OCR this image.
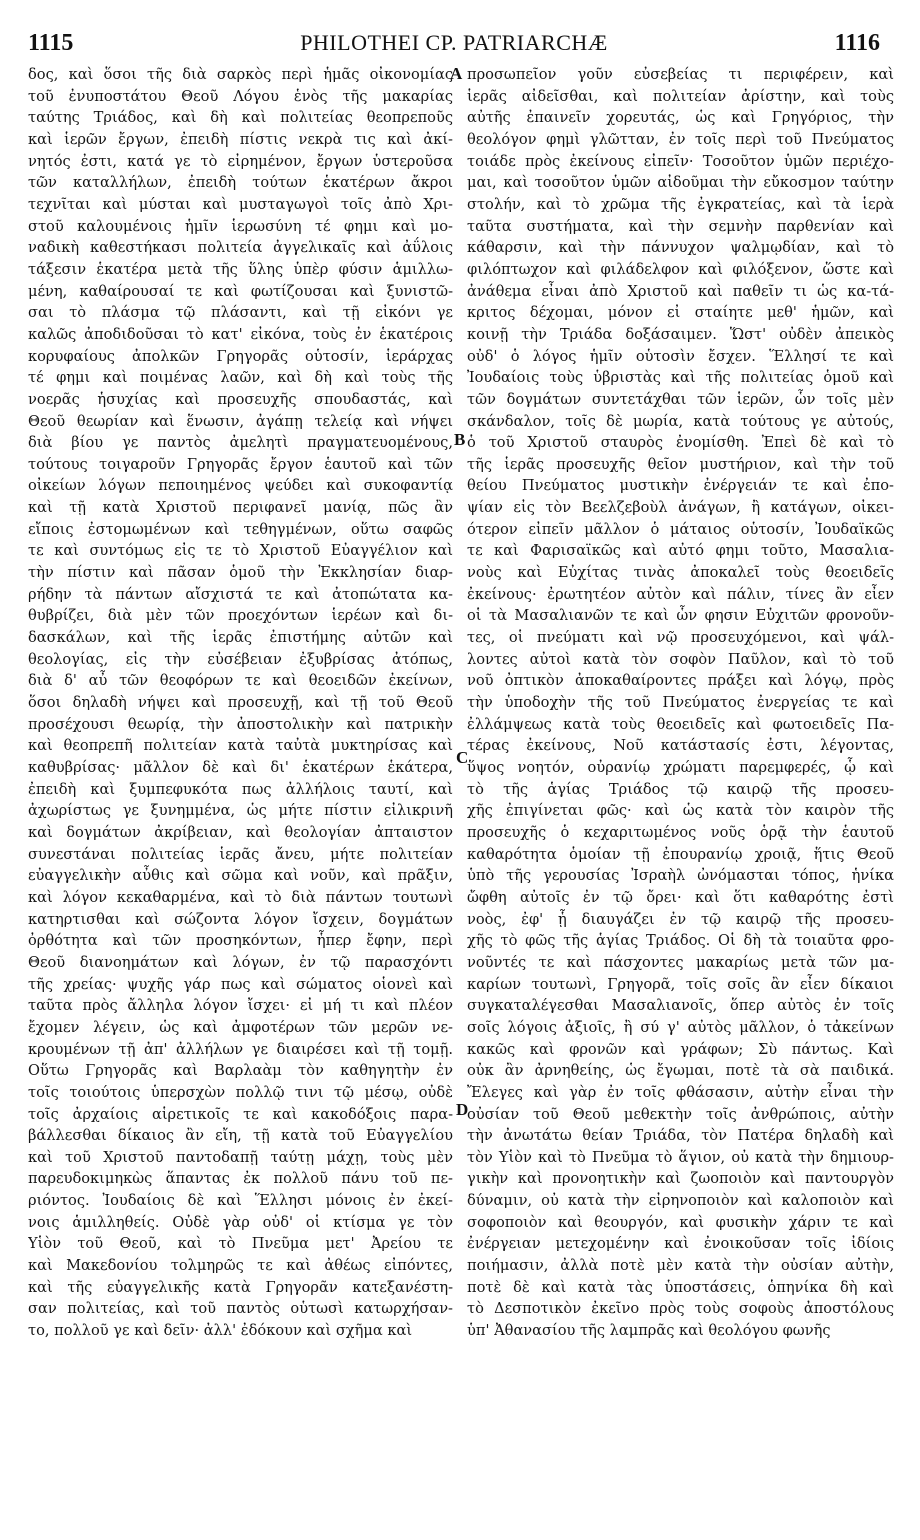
1115	PHILOTHEI CP. PATRIARCHÆ	1116

δος, καὶ ὅσοι τῆς διὰ σαρκὸς περὶ ἡμᾶς οἰκονομίας
τοῦ ἐνυποστάτου Θεοῦ Λόγου ἑνὸς τῆς μακαρίας
ταύτης Τριάδος, καὶ δὴ καὶ πολιτείας θεοπρεποῦς
καὶ ἱερῶν ἔργων, ἐπειδὴ πίστις νεκρὰ τις καὶ ἀκί-
νητός ἐστι, κατά γε τὸ εἰρημένον, ἔργων ὑστεροῦσα
τῶν καταλλήλων, ἐπειδὴ τούτων ἑκατέρων ἄκροι
τεχνῖται καὶ μύσται καὶ μυσταγωγοὶ τοῖς ἀπὸ Χρι-
στοῦ καλουμένοις ἡμῖν ἱερωσύνη τέ φημι καὶ μο-
ναδικὴ καθεστήκασι πολιτεία ἀγγελικαῖς καὶ ἀΰλοις
τάξεσιν ἑκατέρα μετὰ τῆς ὕλης ὑπὲρ φύσιν ἁμιλλω-
μένη, καθαίρουσαί τε καὶ φωτίζουσαι καὶ ξυνιστῶ-
σαι τὸ πλάσμα τῷ πλάσαντι, καὶ τῇ εἰκόνι γε
καλῶς ἀποδιδοῦσαι τὸ κατ' εἰκόνα, τοὺς ἐν ἑκατέροις
κορυφαίους ἀπολκῶν Γρηγορᾶς οὑτοσίν, ἱεράρχας
τέ φημι καὶ ποιμένας λαῶν, καὶ δὴ καὶ τοὺς τῆς
νοερᾶς ἡσυχίας καὶ προσευχῆς σπουδαστάς, καὶ
Θεοῦ θεωρίαν καὶ ἕνωσιν, ἀγάπῃ τελείᾳ καὶ νήψει
διὰ βίου γε παντὸς ἀμελητὶ πραγματευομένους,
τούτους τοιγαροῦν Γρηγορᾶς ἔργον ἑαυτοῦ καὶ τῶν
οἰκείων λόγων πεποιημένος ψεύδει καὶ συκοφαντίᾳ
καὶ τῇ κατὰ Χριστοῦ περιφανεῖ μανίᾳ, πῶς ἂν
εἴποις ἐστομωμένων καὶ τεθηγμένων, οὕτω σαφῶς
τε καὶ συντόμως εἰς τε τὸ Χριστοῦ Εὐαγγέλιον καὶ
τὴν πίστιν καὶ πᾶσαν ὁμοῦ τὴν Ἐκκλησίαν διαρ-
ρήδην τὰ πάντων αἴσχιστά τε καὶ ἀτοπώτατα κα-
θυβρίζει, διὰ μὲν τῶν προεχόντων ἱερέων καὶ δι-
δασκάλων, καὶ τῆς ἱερᾶς ἐπιστήμης αὐτῶν καὶ
θεολογίας, εἰς τὴν εὐσέβειαν ἐξυβρίσας ἀτόπως,
διὰ δ' αὖ τῶν θεοφόρων τε καὶ θεοειδῶν ἐκείνων,
ὅσοι δηλαδὴ νήψει καὶ προσευχῇ, καὶ τῇ τοῦ Θεοῦ
προσέχουσι θεωρίᾳ, τὴν ἀποστολικὴν καὶ πατρικὴν
καὶ θεοπρεπῆ πολιτείαν κατὰ ταὐτὰ μυκτηρίσας καὶ
καθυβρίσας· μᾶλλον δὲ καὶ δι' ἑκατέρων ἑκάτερα,
ἐπειδὴ καὶ ξυμπεφυκότα πως ἀλλήλοις ταυτί, καὶ
ἀχωρίστως γε ξυνημμένα, ὡς μήτε πίστιν εἰλικρινῆ
καὶ δογμάτων ἀκρίβειαν, καὶ θεολογίαν ἀπταιστον
συνεστάναι πολιτείας ἱερᾶς ἄνευ, μήτε πολιτείαν
εὐαγγελικὴν αὖθις καὶ σῶμα καὶ νοῦν, καὶ πρᾶξιν,
καὶ λόγον κεκαθαρμένα, καὶ τὸ διὰ πάντων τουτωνὶ
κατηρτισθαι καὶ σώζοντα λόγον ἴσχειν, δογμάτων
ὀρθότητα καὶ τῶν προσηκόντων, ἧπερ ἔφην, περὶ
Θεοῦ διανοημάτων καὶ λόγων, ἐν τῷ παρασχόντι
τῆς χρείας· ψυχῆς γάρ πως καὶ σώματος οἱονεὶ καὶ
ταῦτα πρὸς ἄλληλα λόγον ἴσχει· εἰ μή τι καὶ πλέον
ἔχομεν λέγειν, ὡς καὶ ἀμφοτέρων τῶν μερῶν νε-
κρουμένων τῇ ἀπ' ἀλλήλων γε διαιρέσει καὶ τῇ τομῇ.
Οὕτω Γρηγορᾶς καὶ Βαρλαὰμ τὸν καθηγητὴν ἐν
τοῖς τοιούτοις ὑπερσχὼν πολλῷ τινι τῷ μέσῳ, οὐδὲ
τοῖς ἀρχαίοις αἱρετικοῖς τε καὶ κακοδόξοις παρα-
βάλλεσθαι δίκαιος ἂν εἴη, τῇ κατὰ τοῦ Εὐαγγελίου
καὶ τοῦ Χριστοῦ παντοδαπῇ ταύτῃ μάχῃ, τοὺς μὲν
παρευδοκιμηκὼς ἅπαντας ἐκ πολλοῦ πάνυ τοῦ πε-
ριόντος. Ἰουδαίοις δὲ καὶ Ἕλλησι μόνοις ἐν ἐκεί-
νοις ἁμιλληθείς. Οὐδὲ γὰρ οὐδ' οἱ κτίσμα γε τὸν
Υἱὸν τοῦ Θεοῦ, καὶ τὸ Πνεῦμα μετ' Ἀρείου τε
καὶ Μακεδονίου τολμηρῶς τε καὶ ἀθέως εἰπόντες,
καὶ τῆς εὐαγγελικῆς κατὰ Γρηγορᾶν κατεξανέστη-
σαν πολιτείας, καὶ τοῦ παντὸς οὑτωσὶ κατωρχήσαν-
το, πολλοῦ γε καὶ δεῖν· ἀλλ' ἐδόκουν καὶ σχῆμα καὶ

προσωπεῖον γοῦν εὐσεβείας τι περιφέρειν, καὶ
ἱερᾶς αἰδεῖσθαι, καὶ πολιτείαν ἀρίστην, καὶ τοὺς
αὐτῆς ἐπαινεῖν χορευτάς, ὡς καὶ Γρηγόριος, τὴν
θεολόγον φημὶ γλῶτταν, ἐν τοῖς περὶ τοῦ Πνεύματος
τοιάδε πρὸς ἐκείνους εἰπεῖν· Τοσοῦτον ὑμῶν περιέχο-
μαι, καὶ τοσοῦτον ὑμῶν αἰδοῦμαι τὴν εὔκοσμον ταύτην
στολήν, καὶ τὸ χρῶμα τῆς ἐγκρατείας, καὶ τὰ ἱερὰ
ταῦτα συστήματα, καὶ τὴν σεμνὴν παρθενίαν καὶ
κάθαρσιν, καὶ τὴν πάννυχον ψαλμῳδίαν, καὶ τὸ
φιλόπτωχον καὶ φιλάδελφον καὶ φιλόξενον, ὥστε καὶ
ἀνάθεμα εἶναι ἀπὸ Χριστοῦ καὶ παθεῖν τι ὡς κα-τά-
κριτος δέχομαι, μόνον εἰ σταίητε μεθ' ἡμῶν, καὶ
κοινῇ τὴν Τριάδα δοξάσαιμεν. Ὥστ' οὐδὲν ἀπεικὸς
οὐδ' ὁ λόγος ἡμῖν οὑτοσὶν ἔσχεν. Ἕλλησί τε καὶ
Ἰουδαίοις τοὺς ὑβριστὰς καὶ τῆς πολιτείας ὁμοῦ καὶ
τῶν δογμάτων συντετάχθαι τῶν ἱερῶν, ὧν τοῖς μὲν
σκάνδαλον, τοῖς δὲ μωρία, κατὰ τούτους γε αὐτούς,
ὁ τοῦ Χριστοῦ σταυρὸς ἐνομίσθη. Ἐπεὶ δὲ καὶ τὸ
τῆς ἱερᾶς προσευχῆς θεῖον μυστήριον, καὶ τὴν τοῦ
θείου Πνεύματος μυστικὴν ἐνέργειάν τε καὶ ἐπο-
ψίαν εἰς τὸν Βεελζεβοὺλ ἀνάγων, ἢ κατάγων, οἰκει-
ότερον εἰπεῖν μᾶλλον ὁ μάταιος οὑτοσίν, Ἰουδαϊκῶς
τε καὶ Φαρισαϊκῶς καὶ αὐτό φημι τοῦτο, Μασαλια-
νοὺς καὶ Εὐχίτας τινὰς ἀποκαλεῖ τοὺς θεοειδεῖς
ἐκείνους· ἐρωτητέον αὐτὸν καὶ πάλιν, τίνες ἂν εἶεν
οἱ τὰ Μασαλιανῶν τε καὶ ὧν φησιν Εὐχιτῶν φρονοῦν-
τες, οἱ πνεύματι καὶ νῷ προσευχόμενοι, καὶ ψάλ-
λοντες αὐτοὶ κατὰ τὸν σοφὸν Παῦλον, καὶ τὸ τοῦ
νοῦ ὀπτικὸν ἀποκαθαίροντες πράξει καὶ λόγῳ, πρὸς
τὴν ὑποδοχὴν τῆς τοῦ Πνεύματος ἐνεργείας τε καὶ
ἐλλάμψεως κατὰ τοὺς θεοειδεῖς καὶ φωτοειδεῖς Πα-
τέρας ἐκείνους, Νοῦ κατάστασίς ἐστι, λέγοντας,
ὕψος νοητόν, οὐρανίῳ χρώματι παρεμφερές, ᾧ καὶ
τὸ τῆς ἁγίας Τριάδος τῷ καιρῷ τῆς προσευ-
χῆς ἐπιγίνεται φῶς· καὶ ὡς κατὰ τὸν καιρὸν τῆς
προσευχῆς ὁ κεχαριτωμένος νοῦς ὁρᾷ τὴν ἑαυτοῦ
καθαρότητα ὁμοίαν τῇ ἐπουρανίῳ χροιᾷ, ἥτις Θεοῦ
ὑπὸ τῆς γερουσίας Ἰσραὴλ ὠνόμασται τόπος, ἡνίκα
ὤφθη αὐτοῖς ἐν τῷ ὄρει· καὶ ὅτι καθαρότης ἐστὶ
νοὸς, ἐφ' ᾗ διαυγάζει ἐν τῷ καιρῷ τῆς προσευ-
χῆς τὸ φῶς τῆς ἁγίας Τριάδος. Οἱ δὴ τὰ τοιαῦτα φρο-
νοῦντές τε καὶ πάσχοντες μακαρίως μετὰ τῶν μα-
καρίων τουτωνὶ, Γρηγορᾶ, τοῖς σοῖς ἂν εἶεν δίκαιοι
συγκαταλέγεσθαι Μασαλιανοῖς, ὅπερ αὐτὸς ἐν τοῖς
σοῖς λόγοις ἀξιοῖς, ἢ σύ γ' αὐτὸς μᾶλλον, ὁ τἀκείνων
κακῶς καὶ φρονῶν καὶ γράφων; Σὺ πάντως. Καὶ
οὐκ ἂν ἀρνηθείης, ὡς ἔγωμαι, ποτὲ τὰ σὰ παιδικά.
Ἔλεγες καὶ γὰρ ἐν τοῖς φθάσασιν, αὐτὴν εἶναι τὴν
οὐσίαν τοῦ Θεοῦ μεθεκτὴν τοῖς ἀνθρώποις, αὐτὴν
τὴν ἀνωτάτω θείαν Τριάδα, τὸν Πατέρα δηλαδὴ καὶ
τὸν Υἱὸν καὶ τὸ Πνεῦμα τὸ ἅγιον, οὐ κατὰ τὴν δημιουρ-
γικὴν καὶ προνοητικὴν καὶ ζωοποιὸν καὶ παντουργὸν
δύναμιν, οὐ κατὰ τὴν εἰρηνοποιὸν καὶ καλοποιὸν καὶ
σοφοποιὸν καὶ θεουργόν, καὶ φυσικὴν χάριν τε καὶ
ἐνέργειαν μετεχομένην καὶ ἐνοικοῦσαν τοῖς ἰδίοις
ποιήμασιν, ἀλλὰ ποτὲ μὲν κατὰ τὴν οὐσίαν αὐτὴν,
ποτὲ δὲ καὶ κατὰ τὰς ὑποστάσεις, ὁπηνίκα δὴ καὶ
τὸ Δεσποτικὸν ἐκεῖνο πρὸς τοὺς σοφοὺς ἀποστόλους
ὑπ' Ἀθανασίου τῆς λαμπρᾶς καὶ θεολόγου φωνῆς

A
B
C
D
